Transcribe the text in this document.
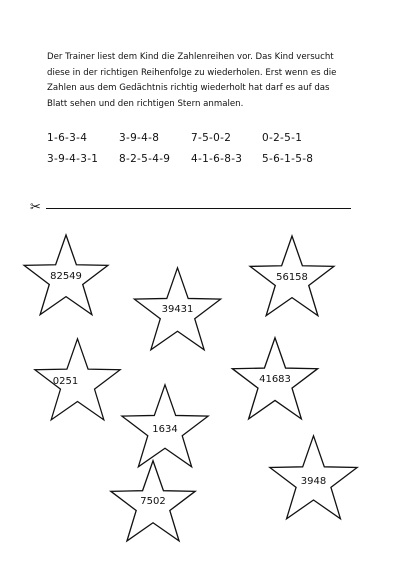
Der Trainer liest dem Kind die Zahlenreihen vor. Das Kind versucht
diese in der richtigen Reihenfolge zu wiederholen. Erst wenn es die
Zahlen aus dem Gedächtnis richtig wiederholt hat darf es auf das
Blatt sehen und den richtigen Stern anmalen.
1-6-3-4	3-9-4-8	7-5-0-2	0-2-5-1
3-9-4-3-1 8-2-5-4-9 4-1-6-8-3 5-6-1-5-8
✂
82549
39431
56158
0251	41683
1634
7502
3948
